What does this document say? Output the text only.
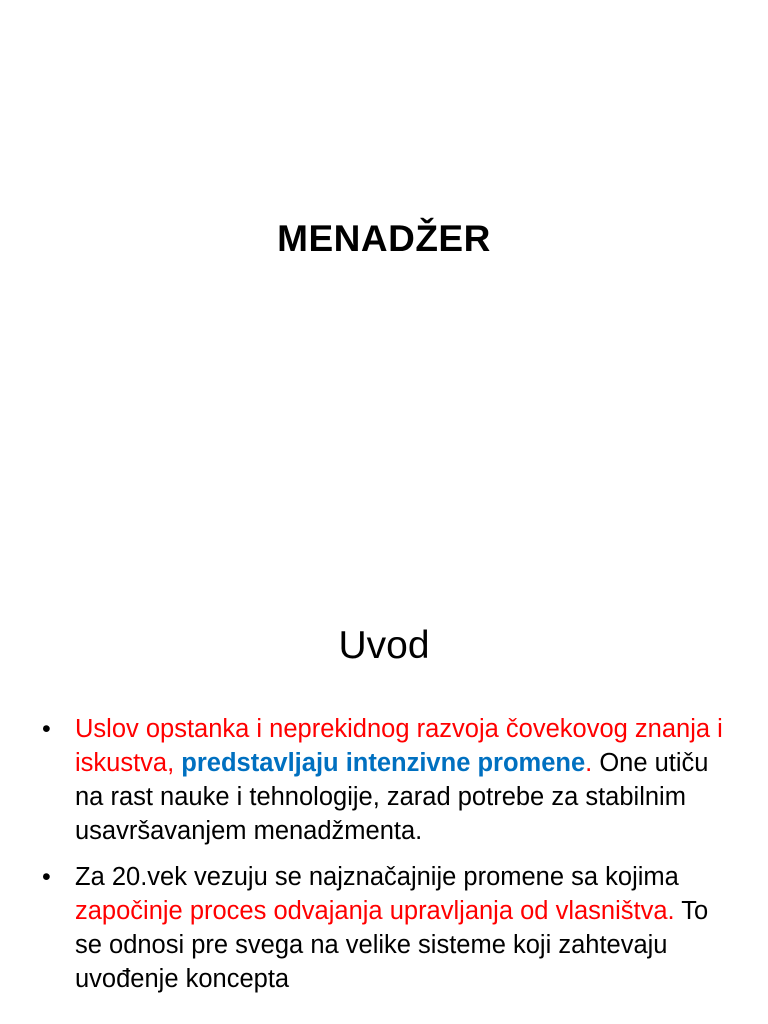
MENADŽER
Uvod
• Uslov opstanka i neprekidnog razvoja čovekovog znanja i iskustva, predstavljaju intenzivne promene. One utiču na rast nauke i tehnologije, zarad potrebe za stabilnim usavršavanjem menadžmenta.
• Za 20.vek vezuju se najznačajnije promene sa kojima započinje proces odvajanja upravljanja od vlasništva. To se odnosi pre svega na velike sisteme koji zahtevaju uvođenje koncepta
